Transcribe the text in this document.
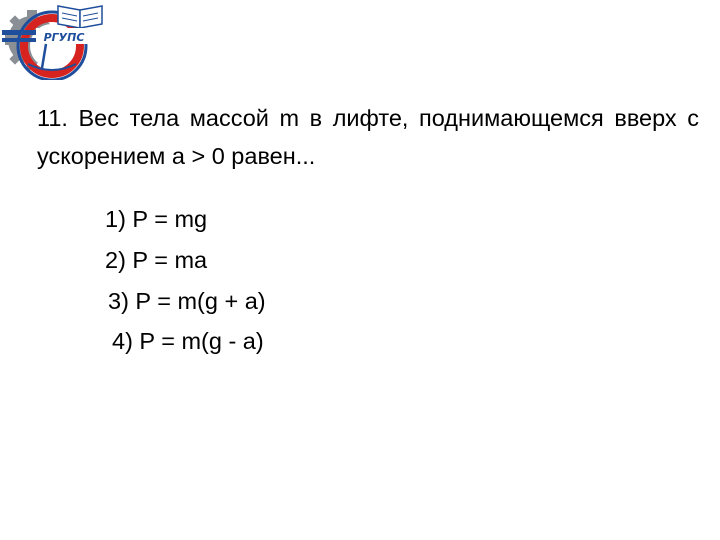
РГУПС
11. Вес тела массой m в лифте, поднимающемся вверх с ускорением a > 0 равен...
1) P = mg
2) P = ma
3) P = m(g + a)
4) P = m(g - a)
